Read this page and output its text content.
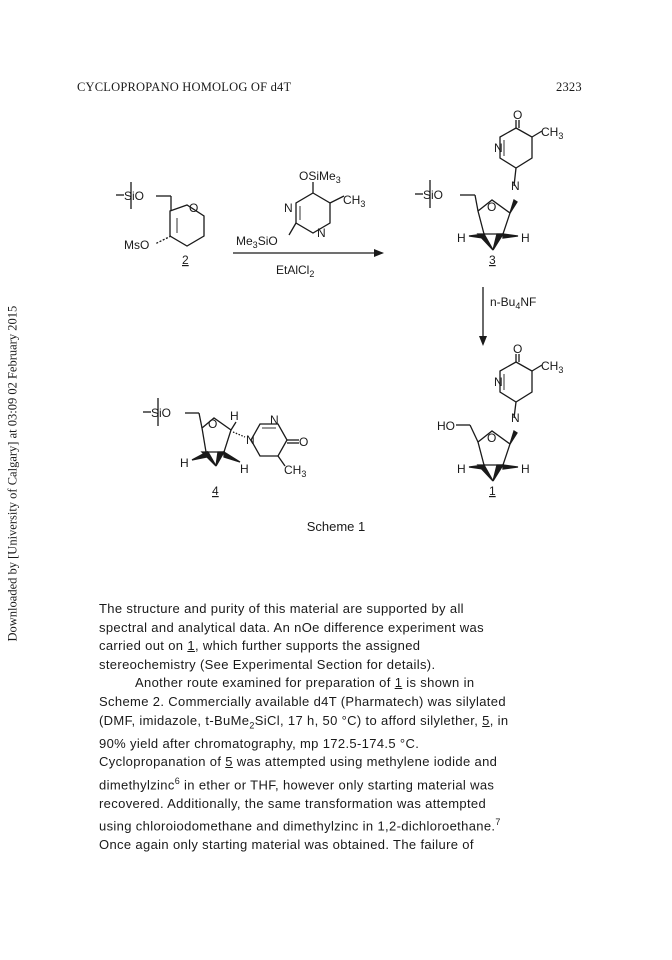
CYCLOPROPANO HOMOLOG OF d4T	2323
Downloaded by [University of Calgary] at 03:09 02 February 2015
SiO
O
MsO
2
OSiMe$_3$
$CH_3$
N
N
$Me_3SiO$
EtAlCl$_2$
SiO
O
O
$CH_3$
N
N
H	H
3
$n-Bu_4NF$
SiO
O
H	N
N	O
$CH_3$
H	H
4
HO
O
O
$CH_3$
N
N
H	H
1
Scheme 1
The structure and purity of this material are supported by all
spectral and analytical data. An nOe difference experiment was
carried out on 1, which further supports the assigned
stereochemistry (See Experimental Section for details).
Another route examined for preparation of 1 is shown in
Scheme 2. Commercially available d4T (Pharmatech) was silylated
(DMF, imidazole, t-BuMe$_2$SiCl, 17 h, 50 °C) to afford silylether, 5, in
90% yield after chromatography, mp 172.5-174.5 °C.
Cyclopropanation of 5 was attempted using methylene iodide and
dimethylzinc$^6$ in ether or THF, however only starting material was
recovered. Additionally, the same transformation was attempted
using chloroiodomethane and dimethylzinc in 1,2-dichloroethane.$^7$
Once again only starting material was obtained. The failure of
